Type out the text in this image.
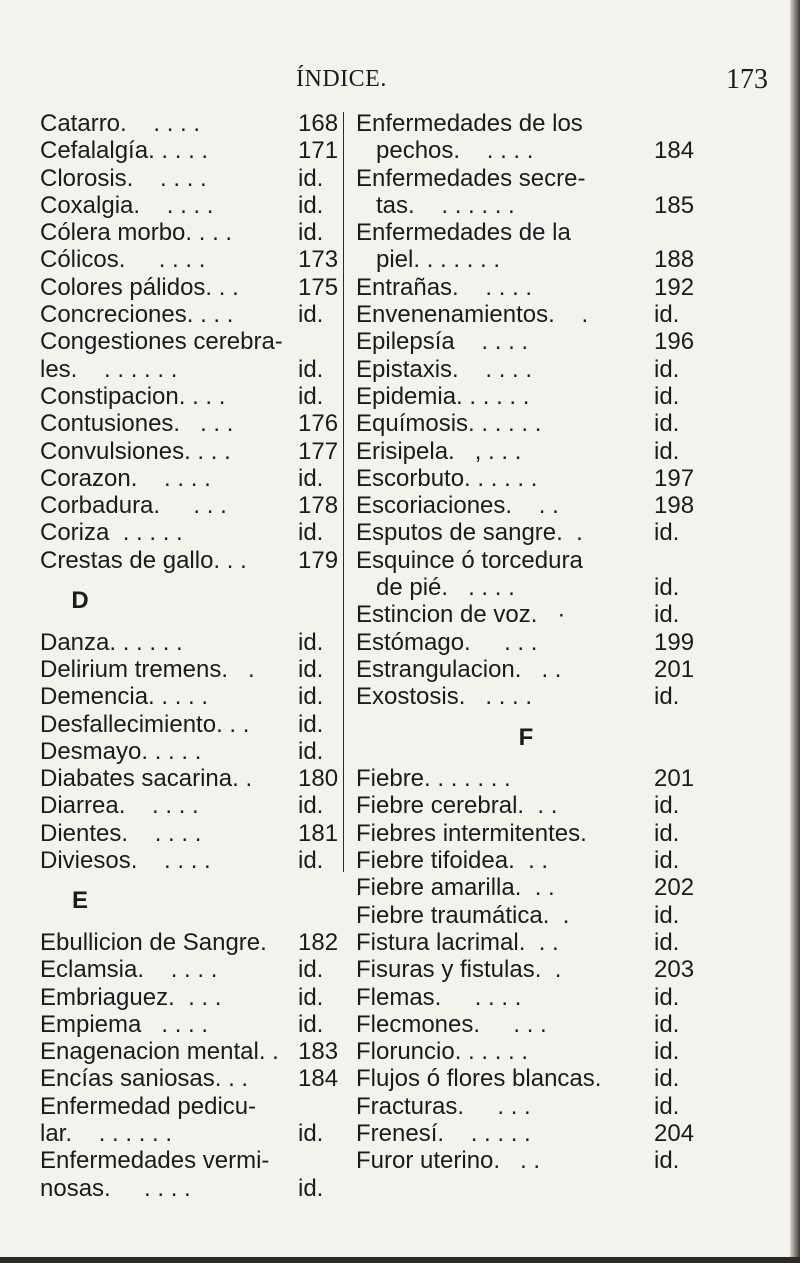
ÍNDICE.	173
Catarro.    . . . .	168
Cefalalgía. . . . .	171
Clorosis.    . . . .	id.
Coxalgia.    . . . .	id.
Cólera morbo. . . .	id.
Cólicos.     . . . .	173
Colores pálidos. . . 175
Concreciones. . . .	id.
Congestiones cerebra-
les.    . . . . . .	id.
Constipacion. . . .	id.
Contusiones.   . . .	176
Convulsiones. . . .	177
Corazon.    . . . .	id.
Corbadura.     . . .	178
Coriza  . . . . .	id.
Crestas de gallo. . . 179
D
Danza. . . . . .	id.
Delirium tremens.   . id.
Demencia. . . . .	id.
Desfallecimiento. . . id.
Desmayo. . . . .	id.
Diabates sacarina. . 180
Diarrea.    . . . .	id.
Dientes.    . . . .	181
Diviesos.    . . . .	id.
E
Ebullicion de Sangre. 182
Eclamsia.    . . . .	id.
Embriaguez.  . . .	id.
Empiema   . . . .	id.
Enagenacion mental. . 183
Encías saniosas. . . 184
Enfermedad pedicu-
lar.    . . . . . .	id.
Enfermedades vermi-
nosas.     . . . .	id.
Enfermedades de los
pechos.    . . . .	184
Enfermedades secre-
tas.    . . . . . .	185
Enfermedades de la
piel. . . . . . .	188
Entrañas.    . . . .	192
Envenenamientos.    .	id.
Epilepsía    . . . .	196
Epistaxis.    . . . .	id.
Epidemia. . . . . .	id.
Equímosis. . . . . .	id.
Erisipela.   , . . .	id.
Escorbuto. . . . . .	197
Escoriaciones.    . .	198
Esputos de sangre.  .	id.
Esquince ó torcedura
de pié.   . . . .	id.
Estincion de voz.   ·	id.
Estómago.     . . .	199
Estrangulacion.   . .	201
Exostosis.   . . . .	id.
F
Fiebre. . . . . . .	201
Fiebre cerebral.  . .	id.
Fiebres intermitentes.	id.
Fiebre tifoidea.  . .	id.
Fiebre amarilla.  . .	202
Fiebre traumática.  .	id.
Fistura lacrimal.  . .	id.
Fisuras y fistulas.  .	203
Flemas.     . . . .	id.
Flecmones.     . . .	id.
Floruncio. . . . . .	id.
Flujos ó flores blancas. id.
Fracturas.     . . .	id.
Frenesí.    . . . . .	204
Furor uterino.   . .	id.
